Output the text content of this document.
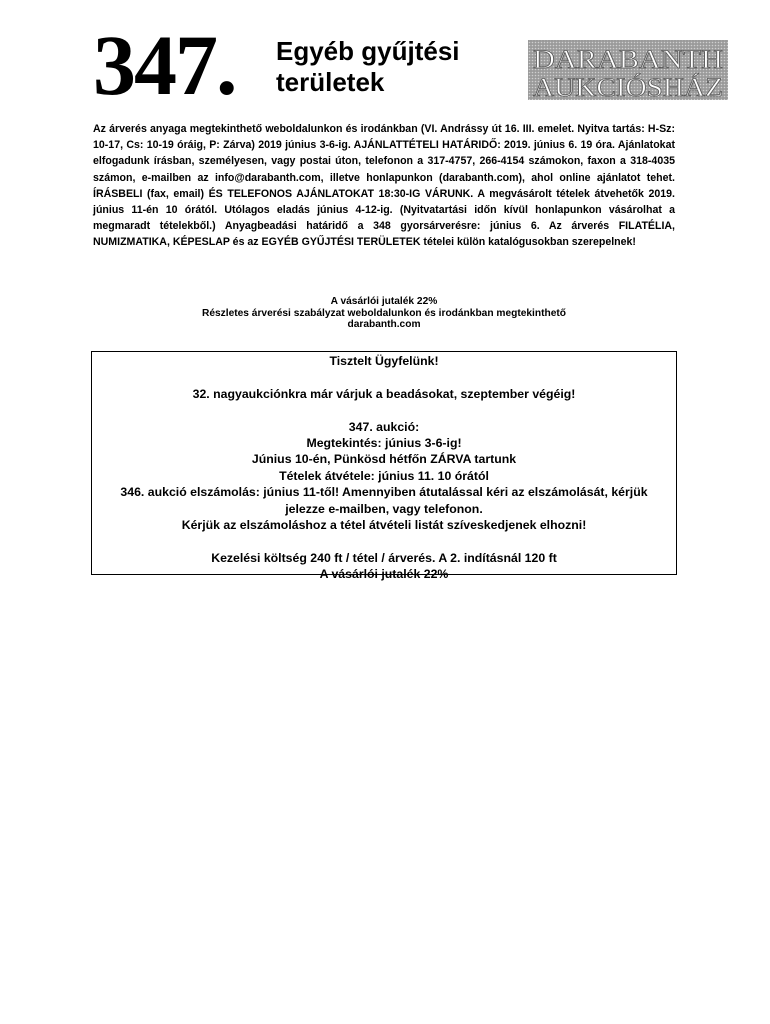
347. Egyéb gyűjtési
területek
DARABANTH
AUKCIÓSHÁZ

Az árverés anyaga megtekinthető weboldalunkon és irodánkban (VI. Andrássy út 16. III. emelet. Nyitva tartás: H-Sz: 10-17, Cs: 10-19 óráig, P: Zárva) 2019 június 3-6-ig. AJÁNLATTÉTELI HATÁRIDŐ: 2019. június 6. 19 óra. Ajánlatokat elfogadunk írásban, személyesen, vagy postai úton, telefonon a 317-4757, 266-4154 számokon, faxon a 318-4035 számon, e-mailben az info@darabanth.com, illetve honlapunkon (darabanth.com), ahol online ajánlatot tehet. ÍRÁSBELI (fax, email) ÉS TELEFONOS AJÁNLATOKAT 18:30-IG VÁRUNK. A megvásárolt tételek átvehetők 2019. június 11-én 10 órától. Utólagos eladás június 4-12-ig. (Nyitvatartási időn kívül honlapunkon vásárolhat a megmaradt tételekből.) Anyagbeadási határidő a 348 gyorsárverésre: június 6. Az árverés FILATÉLIA, NUMIZMATIKA, KÉPESLAP és az EGYÉB GYŰJTÉSI TERÜLETEK tételei külön katalógusokban szerepelnek!

A vásárlói jutalék 22%
Részletes árverési szabályzat weboldalunkon és irodánkban megtekinthető
darabanth.com
Tisztelt Ügyfelünk!
32. nagyaukciónkra már várjuk a beadásokat, szeptember végéig!
347. aukció:
Megtekintés: június 3-6-ig!
Június 10-én, Pünkösd hétfőn ZÁRVA tartunk
Tételek átvétele: június 11. 10 órától
346. aukció elszámolás: június 11-től! Amennyiben átutalással kéri az elszámolását, kérjük
jelezze e-mailben, vagy telefonon.
Kérjük az elszámoláshoz a tétel átvételi listát szíveskedjenek elhozni!
Kezelési költség 240 ft / tétel / árverés. A 2. indításnál 120 ft
A vásárlói jutalék 22%
